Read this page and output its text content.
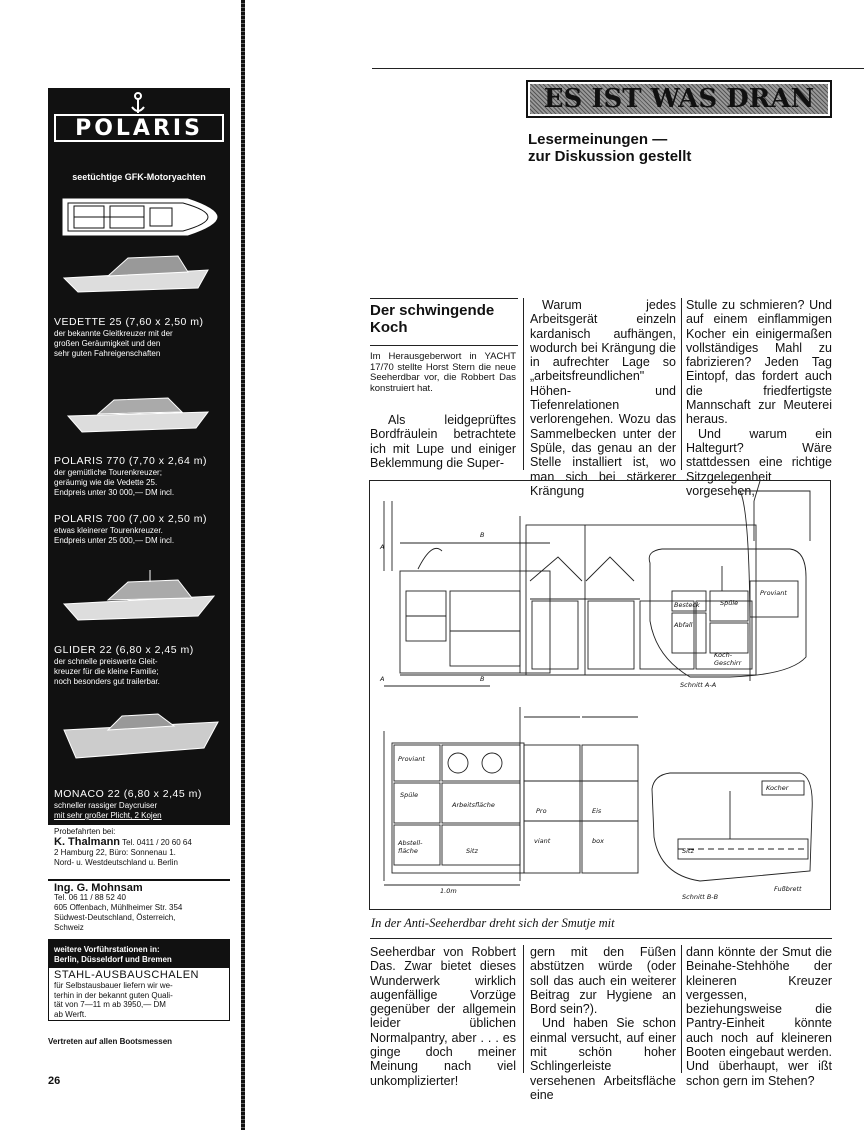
POLARIS
seetüchtige GFK-Motoryachten
VEDETTE 25 (7,60 x 2,50 m)
der bekannte Gleitkreuzer mit der
großen Geräumigkeit und den
sehr guten Fahreigenschaften
POLARIS 770 (7,70 x 2,64 m)
der gemütliche Tourenkreuzer;
geräumig wie die Vedette 25.
Endpreis unter 30 000,— DM incl.
POLARIS 700 (7,00 x 2,50 m)
etwas kleinerer Tourenkreuzer.
Endpreis unter 25 000,— DM incl.
GLIDER 22 (6,80 x 2,45 m)
der schnelle preiswerte Gleit-
kreuzer für die kleine Familie;
noch besonders gut trailerbar.
MONACO 22 (6,80 x 2,45 m)
schneller rassiger Daycruiser
mit sehr großer Plicht, 2 Kojen
Probefahrten bei:
K. Thalmann Tel. 0411 / 20 60 64
2 Hamburg 22, Büro: Sonnenau 1.
Nord- u. Westdeutschland u. Berlin
Ing. G. Mohnsam
Tel. 06 11 / 88 52 40
605 Offenbach, Mühlheimer Str. 354
Südwest-Deutschland, Österreich,
Schweiz
weitere Vorführstationen in:
Berlin, Düsseldorf und Bremen
STAHL-AUSBAUSCHALEN
für Selbstausbauer liefern wir we-
terhin in der bekannt guten Quali-
tät von 7—11 m ab 3950,— DM
ab Werft.
Vertreten auf allen Bootsmessen
26
ES IST WAS DRAN
Lesermeinungen —
zur Diskussion gestellt
Der schwingende
Koch
Im Herausgeberwort in YACHT 17/70 stellte Horst Stern die neue Seeherdbar vor, die Robbert Das konstruiert hat.
Als leidgeprüftes Bordfräulein betrachtete ich mit Lupe und einiger Beklemmung die Super-
Warum jedes Arbeitsgerät einzeln kardanisch aufhängen, wodurch bei Krängung die in aufrechter Lage so „arbeitsfreundlichen" Höhen- und Tiefenrelationen verlorengehen. Wozu das Sammelbecken unter der Spüle, das genau an der Stelle installiert ist, wo man sich bei stärkerer Krängung

Stulle zu schmieren? Und auf einem einflammigen Kocher ein einigermaßen vollständiges Mahl zu fabrizieren? Jeden Tag Eintopf, das fordert auch die friedfertigste Mannschaft zur Meuterei heraus.

Und warum ein Haltegurt? Wäre stattdessen eine richtige Sitzgelegenheit vorgesehen,

A
B
A	B
Besteck
Abfall
Spüle
Proviant
Koch-
Geschirr
Schnitt A-A
Proviant
Spüle
Abstell-
fläche
Arbeitsfläche
Sitz
Pro
viant
Eis
box
1.0m
Kocher
Sitz
Fußbrett
Schnitt B-B
In der Anti-Seeherdbar dreht sich der Smutje mit
Seeherdbar von Robbert Das. Zwar bietet dieses Wunderwerk wirklich augenfällige Vorzüge gegenüber der allgemein leider üblichen Normalpantry, aber . . . es ginge doch meiner Meinung nach viel unkomplizierter!

gern mit den Füßen abstützen würde (oder soll das auch ein weiterer Beitrag zur Hygiene an Bord sein?).

Und haben Sie schon einmal versucht, auf einer mit schön hoher Schlingerleiste versehenen Arbeitsfläche eine

dann könnte der Smut die Beinahe-Stehhöhe der kleineren Kreuzer vergessen, beziehungsweise die Pantry-Einheit könnte auch noch auf kleineren Booten eingebaut werden. Und überhaupt, wer ißt schon gern im Stehen?
